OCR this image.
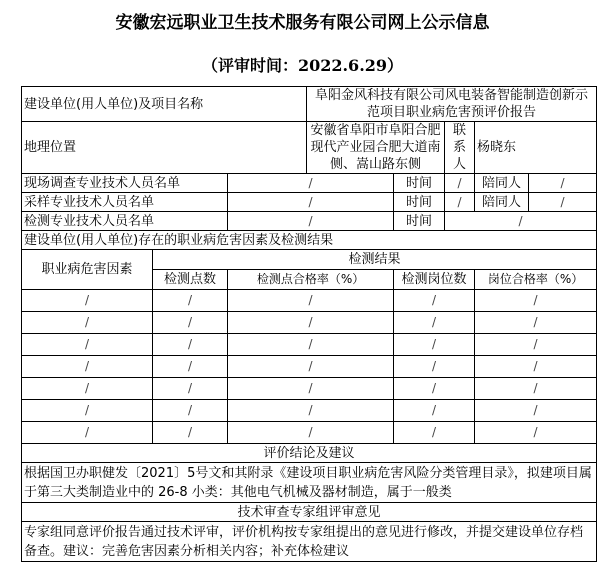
安徽宏远职业卫生技术服务有限公司网上公示信息
（评审时间：2022.6.29）
建设单位(用人单位)及项目名称			阜阳金风科技有限公司风电装备智能制造创新示范项目职业病危害预评价报告				
地理位置			安徽省阜阳市阜阳合肥现代产业园合肥大道南侧、嵩山路东侧		联系人	杨晓东	
现场调查专业技术人员名单		/		时间	/	陪同人	/
采样专业技术人员名单		/		时间	/	陪同人	/
检测专业技术人员名单		/		时间	/		
建设单位(用人单位)存在的职业病危害因素及检测结果							
职业病危害因素	检测结果						
	检测点数	检测点合格率（%）		检测岗位数		岗位合格率（%）	
/	/	/		/		/	
/	/	/		/		/	
/	/	/		/		/	
/	/	/		/		/	
/	/	/		/		/	
/	/	/		/		/	
/	/	/		/		/	
评价结论及建议							
根据国卫办职健发〔2021〕5号文和其附录《建设项目职业病危害风险分类管理目录》，拟建项目属于第三大类制造业中的 26-8 小类：其他电气机械及器材制造，属于一般类							
技术审查专家组评审意见							
专家组同意评价报告通过技术评审，评价机构按专家组提出的意见进行修改，并提交建设单位存档备查。建议：完善危害因素分析相关内容；补充体检建议							
